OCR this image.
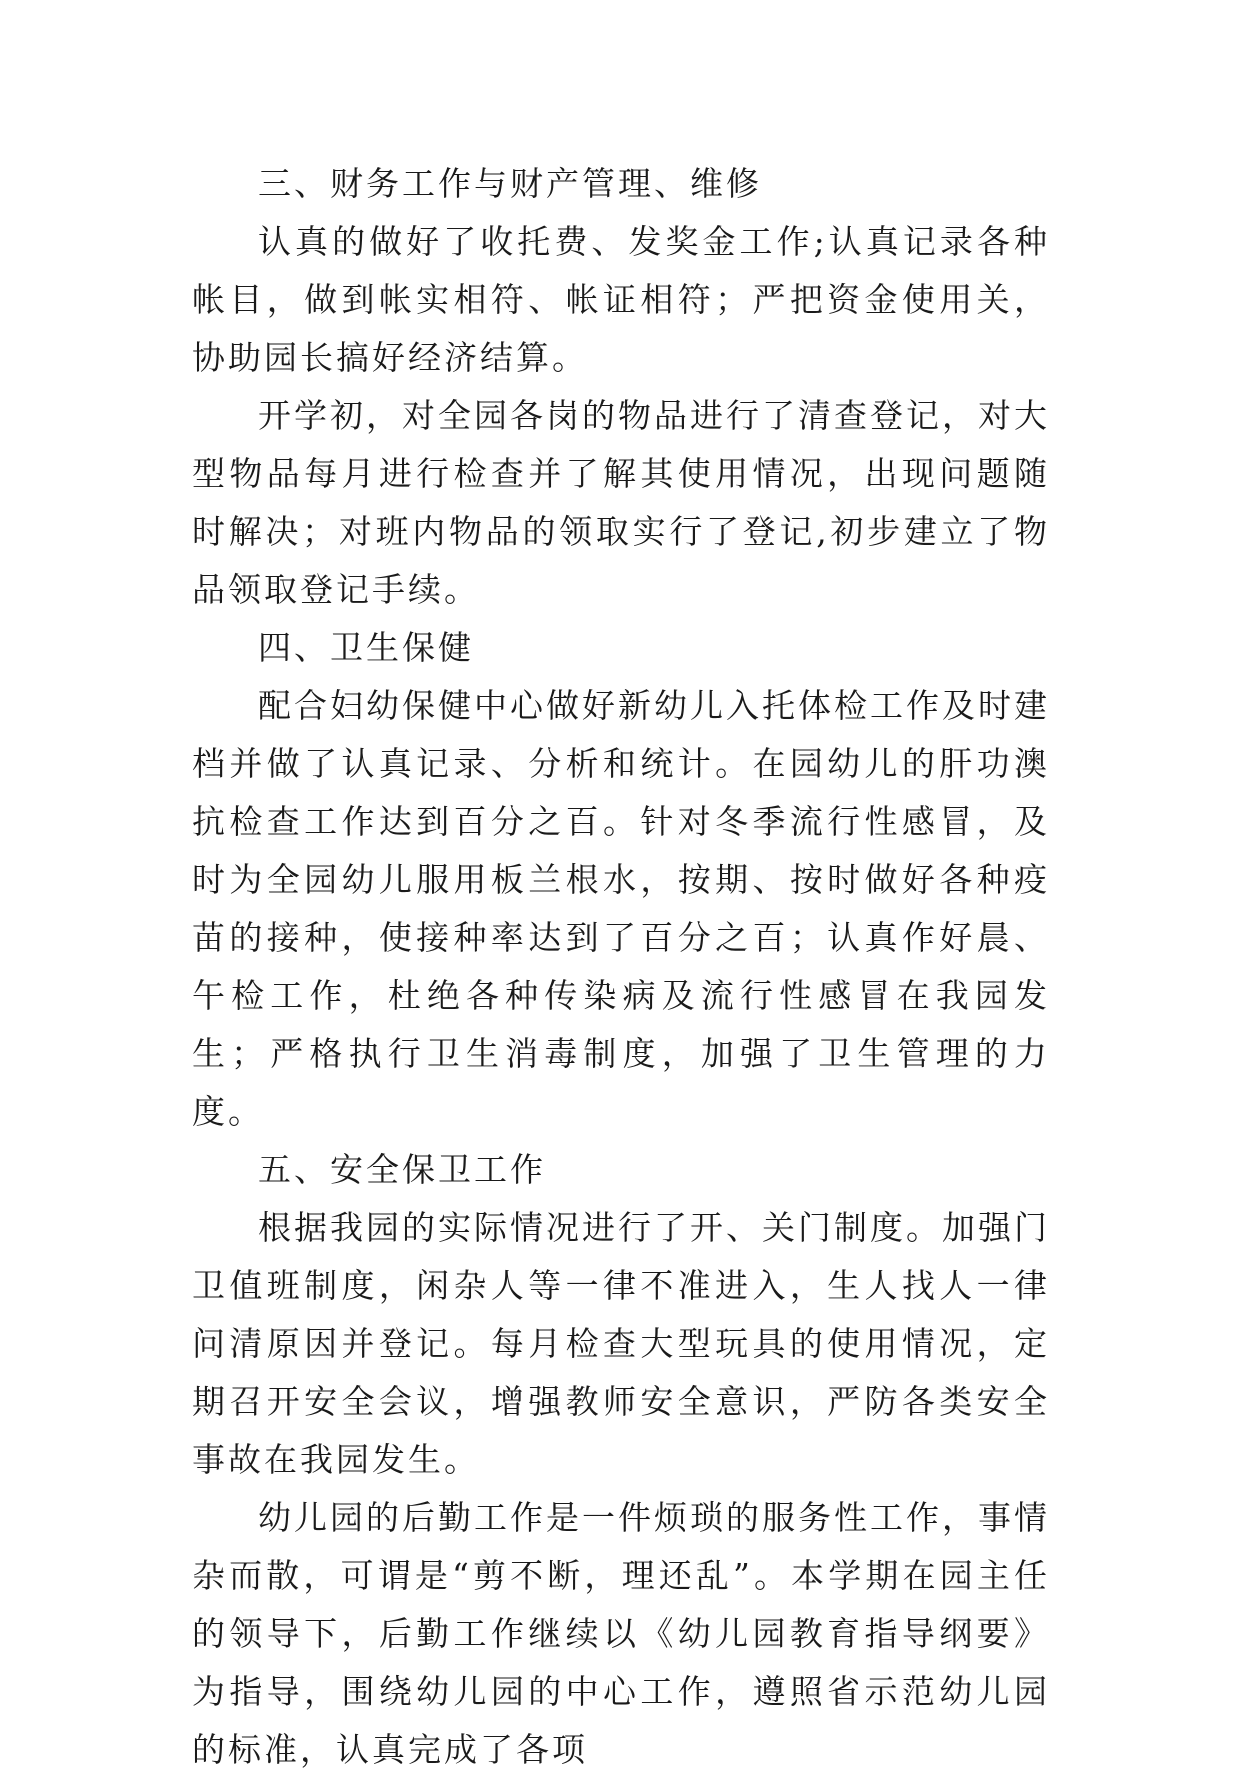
三、财务工作与财产管理、维修

认真的做好了收托费、发奖金工作;认真记录各种帐目，做到帐实相符、帐证相符；严把资金使用关，协助园长搞好经济结算。

开学初，对全园各岗的物品进行了清查登记，对大型物品每月进行检查并了解其使用情况，出现问题随时解决；对班内物品的领取实行了登记,初步建立了物品领取登记手续。

四、卫生保健

配合妇幼保健中心做好新幼儿入托体检工作及时建档并做了认真记录、分析和统计。在园幼儿的肝功澳抗检查工作达到百分之百。针对冬季流行性感冒，及时为全园幼儿服用板兰根水，按期、按时做好各种疫苗的接种，使接种率达到了百分之百；认真作好晨、午检工作，杜绝各种传染病及流行性感冒在我园发生；严格执行卫生消毒制度，加强了卫生管理的力度。

五、安全保卫工作

根据我园的实际情况进行了开、关门制度。加强门卫值班制度，闲杂人等一律不准进入，生人找人一律问清原因并登记。每月检查大型玩具的使用情况，定期召开安全会议，增强教师安全意识，严防各类安全事故在我园发生。

幼儿园的后勤工作是一件烦琐的服务性工作，事情杂而散，可谓是“剪不断，理还乱”。本学期在园主任的领导下，后勤工作继续以《幼儿园教育指导纲要》为指导，围绕幼儿园的中心工作，遵照省示范幼儿园的标准，认真完成了各项
